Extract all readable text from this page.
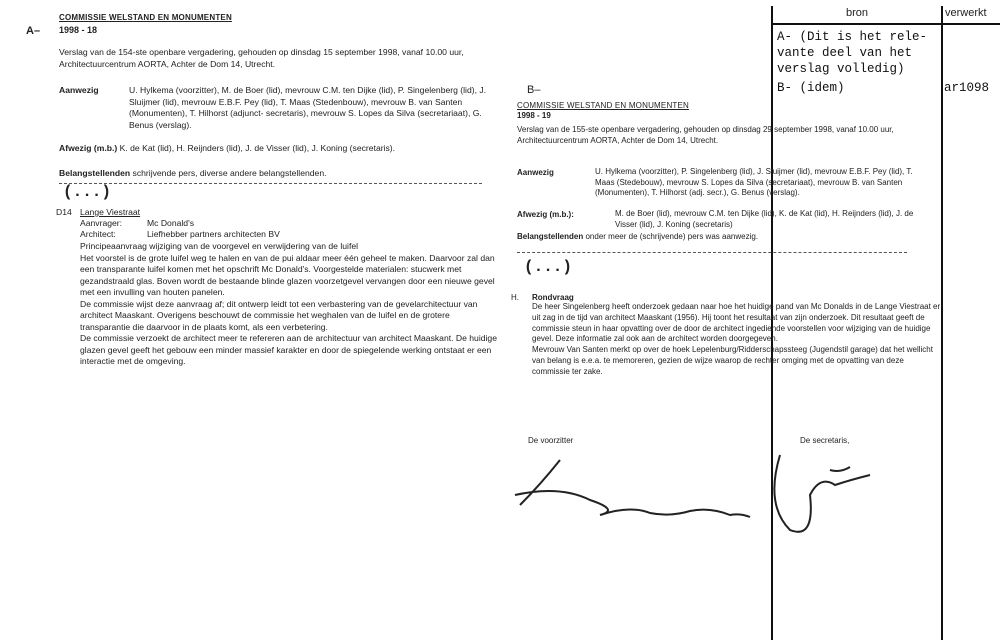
bron	verwerkt
A- (Dit is het rele-
vante deel van het
verslag volledig)
B- (idem)	ar1098
A–
COMMISSIE WELSTAND EN MONUMENTEN
1998 - 18
Verslag van de 154-ste openbare vergadering, gehouden op dinsdag 15 september 1998, vanaf 10.00 uur, Architectuurcentrum AORTA, Achter de Dom 14, Utrecht.
Aanwezig	U. Hylkema (voorzitter), M. de Boer (lid), mevrouw C.M. ten Dijke (lid), P. Singelenberg (lid), J. Sluijmer (lid), mevrouw E.B.F. Pey (lid), T. Maas (Stedenbouw), mevrouw B. van Santen (Monumenten), T. Hilhorst (adjunct- secretaris), mevrouw S. Lopes da Silva (secretariaat), G. Benus (verslag).
Afwezig (m.b.) K. de Kat (lid), H. Reijnders (lid), J. de Visser (lid), J. Koning (secretaris).
Belangstellenden schrijvende pers, diverse andere belangstellenden.
(...)
D14 Lange Viestraat
Aanvrager:	Mc Donald's
Architect:	Liefhebber partners architecten BV
Principeaanvraag wijziging van de voorgevel en verwijdering van de luifel
Het voorstel is de grote luifel weg te halen en van de pui aldaar meer één geheel te maken. Daarvoor zal dan een transparante luifel komen met het opschrift Mc Donald's. Voorgestelde materialen: stucwerk met gezandstraald glas. Boven wordt de bestaande blinde glazen voorzetgevel vervangen door een nieuwe gevel met een invulling van houten panelen.
De commissie wijst deze aanvraag af; dit ontwerp leidt tot een verbastering van de gevelarchitectuur van architect Maaskant. Overigens beschouwt de commissie het weghalen van de luifel en de grotere transparantie die daarvoor in de plaats komt, als een verbetering.
De commissie verzoekt de architect meer te refereren aan de architectuur van architect Maaskant. De huidige glazen gevel geeft het gebouw een minder massief karakter en door de spiegelende werking ontstaat er een interactie met de omgeving.
B–
COMMISSIE WELSTAND EN MONUMENTEN
1998 - 19
Verslag van de 155-ste openbare vergadering, gehouden op dinsdag 29 september 1998, vanaf 10.00 uur, Architectuurcentrum AORTA, Achter de Dom 14, Utrecht.
Aanwezig	U. Hylkema (voorzitter), P. Singelenberg (lid), J. Sluijmer (lid), mevrouw E.B.F. Pey (lid), T. Maas (Stedebouw), mevrouw S. Lopes da Silva (secretariaat), mevrouw B. van Santen (Monumenten), T. Hilhorst (adj. secr.), G. Benus (verslag).
Afwezig (m.b.):	M. de Boer (lid), mevrouw C.M. ten Dijke (lid), K. de Kat (lid), H. Reijnders (lid), J. de Visser (lid), J. Koning (secretaris)
Belangstellenden onder meer de (schrijvende) pers was aanwezig.
(...)
H. Rondvraag
De heer Singelenberg heeft onderzoek gedaan naar hoe het huidige pand van Mc Donalds in de Lange Viestraat er uit zag in de tijd van architect Maaskant (1956). Hij toont het resultaat van zijn onderzoek. Dit resultaat geeft de commissie steun in haar opvatting over de door de architect ingediende voorstellen voor wijziging van de huidige gevel. Deze informatie zal ook aan de architect worden doorgegeven.
Mevrouw Van Santen merkt op over de hoek Lepelenburg/Ridderschapssteeg (Jugendstil garage) dat het wellicht van belang is e.e.a. te memoreren, gezien de wijze waarop de rechter omging met de opvatting van deze commissie ter zake.
De voorzitter	De secretaris,
